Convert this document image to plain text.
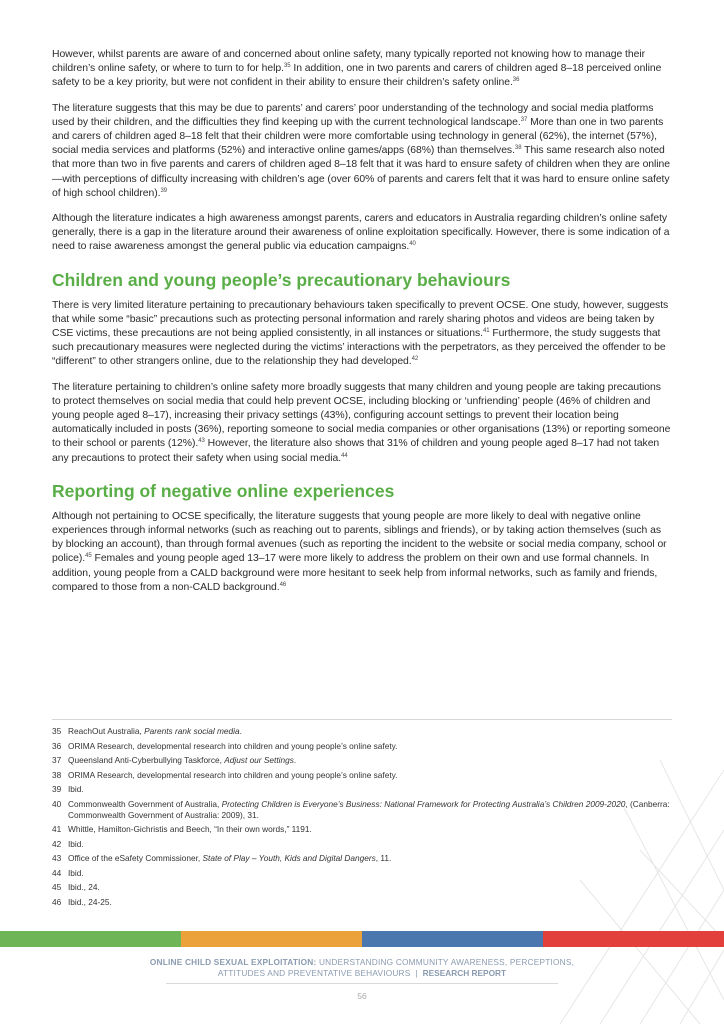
However, whilst parents are aware of and concerned about online safety, many typically reported not knowing how to manage their children’s online safety, or where to turn to for help.$^{35}$ In addition, one in two parents and carers of children aged 8–18 perceived online safety to be a key priority, but were not confident in their ability to ensure their children’s safety online.$^{36}$

The literature suggests that this may be due to parents’ and carers’ poor understanding of the technology and social media platforms used by their children, and the difficulties they find keeping up with the current technological landscape.$^{37}$ More than one in two parents and carers of children aged 8–18 felt that their children were more comfortable using technology in general (62%), the internet (57%), social media services and platforms (52%) and interactive online games/apps (68%) than themselves.$^{38}$ This same research also noted that more than two in five parents and carers of children aged 8–18 felt that it was hard to ensure safety of children when they are online—with perceptions of difficulty increasing with children’s age (over 60% of parents and carers felt that it was hard to ensure online safety of high school children).$^{39}$

Although the literature indicates a high awareness amongst parents, carers and educators in Australia regarding children’s online safety generally, there is a gap in the literature around their awareness of online exploitation specifically. However, there is some indication of a need to raise awareness amongst the general public via education campaigns.$^{40}$

Children and young people’s precautionary behaviours

There is very limited literature pertaining to precautionary behaviours taken specifically to prevent OCSE. One study, however, suggests that while some “basic” precautions such as protecting personal information and rarely sharing photos and videos are being taken by CSE victims, these precautions are not being applied consistently, in all instances or situations.$^{41}$ Furthermore, the study suggests that such precautionary measures were neglected during the victims’ interactions with the perpetrators, as they perceived the offender to be “different” to other strangers online, due to the relationship they had developed.$^{42}$

The literature pertaining to children’s online safety more broadly suggests that many children and young people are taking precautions to protect themselves on social media that could help prevent OCSE, including blocking or ‘unfriending’ people (46% of children and young people aged 8–17), increasing their privacy settings (43%), configuring account settings to prevent their location being automatically included in posts (36%), reporting someone to social media companies or other organisations (13%) or reporting someone to their school or parents (12%).$^{43}$ However, the literature also shows that 31% of children and young people aged 8–17 had not taken any precautions to protect their safety when using social media.$^{44}$

Reporting of negative online experiences

Although not pertaining to OCSE specifically, the literature suggests that young people are more likely to deal with negative online experiences through informal networks (such as reaching out to parents, siblings and friends), or by taking action themselves (such as by blocking an account), than through formal avenues (such as reporting the incident to the website or social media company, school or police).$^{45}$ Females and young people aged 13–17 were more likely to address the problem on their own and use formal channels. In addition, young people from a CALD background were more hesitant to seek help from informal networks, such as family and friends, compared to those from a non-CALD background.$^{46}$

35 ReachOut Australia, Parents rank social media.
36 ORIMA Research, developmental research into children and young people’s online safety.
37 Queensland Anti-Cyberbullying Taskforce, Adjust our Settings.
38 ORIMA Research, developmental research into children and young people’s online safety.
39 Ibid.
40 Commonwealth Government of Australia, Protecting Children is Everyone’s Business: National Framework for Protecting Australia’s Children 2009-2020, (Canberra: Commonwealth Government of Australia: 2009), 31.
41 Whittle, Hamilton-Gichristis and Beech, “In their own words,” 1191.
42 Ibid.
43 Office of the eSafety Commissioner, State of Play – Youth, Kids and Digital Dangers, 11.
44 Ibid.
45 Ibid., 24.
46 Ibid., 24-25.
ONLINE CHILD SEXUAL EXPLOITATION: UNDERSTANDING COMMUNITY AWARENESS, PERCEPTIONS,
ATTITUDES AND PREVENTATIVE BEHAVIOURS | RESEARCH REPORT
56
